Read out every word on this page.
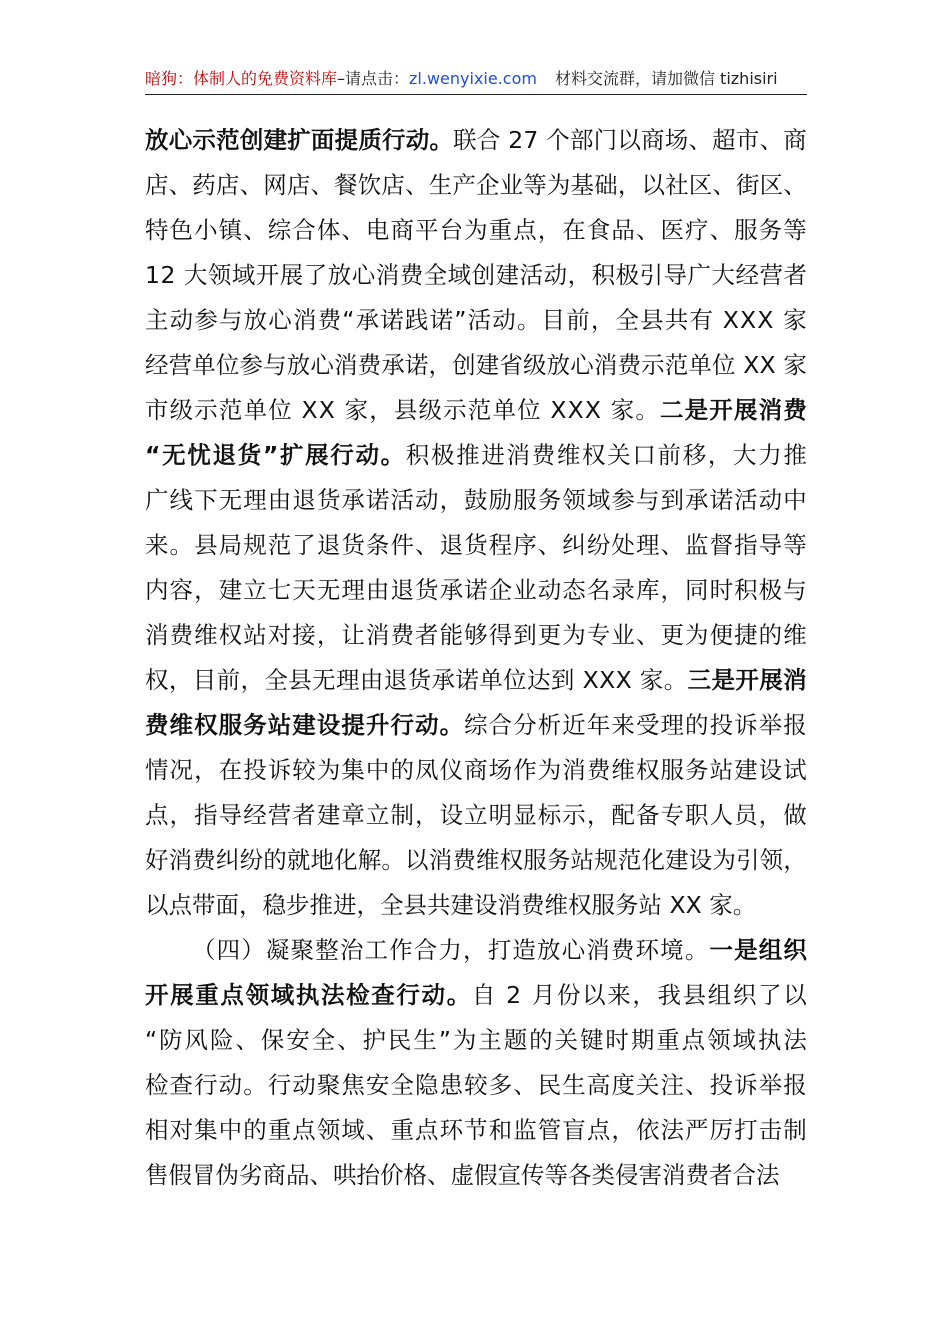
暗狗：体制人的免费资料库–请点击：zl.wenyixie.com 材料交流群，请加微信 tizhisiri
放 心 示 范 创 建 扩 面 提 质 行 动 。 联 合
2 7
个 部 门 以 商 场 、 超 市 、 商
店 、 药 店 、 网 店 、 餐 饮 店 、 生 产 企 业 等 为 基 础 ， 以 社 区 、 街 区 、
特 色 小 镇 、 综 合 体 、 电 商 平 台 为 重 点 ， 在 食 品 、 医 疗 、 服 务 等
1 2
大 领 域 开 展 了 放 心 消 费 全 域 创 建 活 动 ， 积 极 引 导 广 大 经 营 者
主 动 参 与 放 心 消 费 “ 承 诺 践 诺 ” 活 动 。 目 前 ， 全 县 共 有
X X X
家
经 营 单 位 参 与 放 心 消 费 承 诺 ， 创 建 省 级 放 心 消 费 示 范 单 位
X X
家
市 级 示 范 单 位
X X
家 ， 县 级 示 范 单 位
X X X
家 。 二 是 开 展 消 费
“ 无 忧 退 货 ” 扩 展 行 动 。 积 极 推 进 消 费 维 权 关 口 前 移 ， 大 力 推
广 线 下 无 理 由 退 货 承 诺 活 动 ， 鼓 励 服 务 领 域 参 与 到 承 诺 活 动 中
来 。 县 局 规 范 了 退 货 条 件 、 退 货 程 序 、 纠 纷 处 理 、 监 督 指 导 等
内 容 ， 建 立 七 天 无 理 由 退 货 承 诺 企 业 动 态 名 录 库 ， 同 时 积 极 与
消 费 维 权 站 对 接 ， 让 消 费 者 能 够 得 到 更 为 专 业 、 更 为 便 捷 的 维
权 ， 目 前 ， 全 县 无 理 由 退 货 承 诺 单 位 达 到
X X X
家 。 三 是 开 展 消
费 维 权 服 务 站 建 设 提 升 行 动 。 综 合 分 析 近 年 来 受 理 的 投 诉 举 报
情 况 ， 在 投 诉 较 为 集 中 的 凤 仪 商 场 作 为 消 费 维 权 服 务 站 建 设 试
点 ， 指 导 经 营 者 建 章 立 制 ， 设 立 明 显 标 示 ， 配 备 专 职 人 员 ， 做
好 消 费 纠 纷 的 就 地 化 解 。 以 消 费 维 权 服 务 站 规 范 化 建 设 为 引 领 ，
以 点 带 面 ， 稳 步 推 进 ， 全 县 共 建 设 消 费 维 权 服 务 站
X X
家 。
（ 四 ） 凝 聚 整 治 工 作 合 力 ， 打 造 放 心 消 费 环 境 。 一 是 组 织
开 展 重 点 领 域 执 法 检 查 行 动 。 自
2
月 份 以 来 ， 我 县 组 织 了 以
“ 防 风 险 、 保 安 全 、 护 民 生 ” 为 主 题 的 关 键 时 期 重 点 领 域 执 法
检 查 行 动 。 行 动 聚 焦 安 全 隐 患 较 多 、 民 生 高 度 关 注 、 投 诉 举 报
相 对 集 中 的 重 点 领 域 、 重 点 环 节 和 监 管 盲 点 ， 依 法 严 厉 打 击 制
售 假 冒 伪 劣 商 品 、 哄 抬 价 格 、 虚 假 宣 传 等 各 类 侵 害 消 费 者 合 法
